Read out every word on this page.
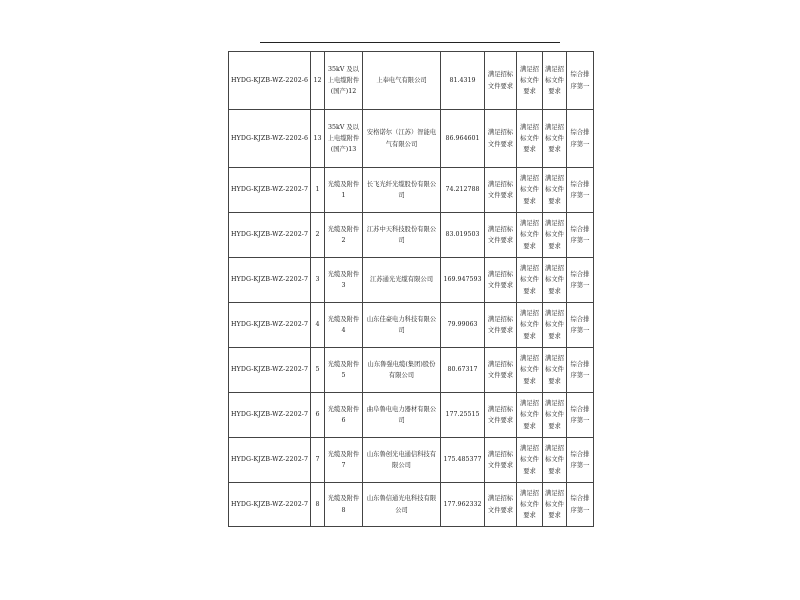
HYDG-KJZB-WZ-2202-6	12	35kV 及以上电缆附件(国产)12	上奉电气有限公司	81.4319	满足招标文件要求	满足招标文件要求	满足招标文件要求	综合排序第一
HYDG-KJZB-WZ-2202-6	13	35kV 及以上电缆附件(国产)13	安格诺尔（江苏）智能电气有限公司	86.964601	满足招标文件要求	满足招标文件要求	满足招标文件要求	综合排序第一
HYDG-KJZB-WZ-2202-7	1	光缆及附件1	长飞光纤光缆股份有限公司	74.212788	满足招标文件要求	满足招标文件要求	满足招标文件要求	综合排序第一
HYDG-KJZB-WZ-2202-7	2	光缆及附件2	江苏中天科技股份有限公司	83.019503	满足招标文件要求	满足招标文件要求	满足招标文件要求	综合排序第一
HYDG-KJZB-WZ-2202-7	3	光缆及附件3	江苏通光光缆有限公司	169.947593	满足招标文件要求	满足招标文件要求	满足招标文件要求	综合排序第一
HYDG-KJZB-WZ-2202-7	4	光缆及附件4	山东佳豪电力科技有限公司	79.99063	满足招标文件要求	满足招标文件要求	满足招标文件要求	综合排序第一
HYDG-KJZB-WZ-2202-7	5	光缆及附件5	山东鲁强电缆(集团)股份有限公司	80.67317	满足招标文件要求	满足招标文件要求	满足招标文件要求	综合排序第一
HYDG-KJZB-WZ-2202-7	6	光缆及附件6	曲阜鲁电电力器材有限公司	177.25515	满足招标文件要求	满足招标文件要求	满足招标文件要求	综合排序第一
HYDG-KJZB-WZ-2202-7	7	光缆及附件7	山东鲁创光电通信科技有限公司	175.485377	满足招标文件要求	满足招标文件要求	满足招标文件要求	综合排序第一
HYDG-KJZB-WZ-2202-7	8	光缆及附件8	山东鲁信通光电科技有限公司	177.962332	满足招标文件要求	满足招标文件要求	满足招标文件要求	综合排序第一
